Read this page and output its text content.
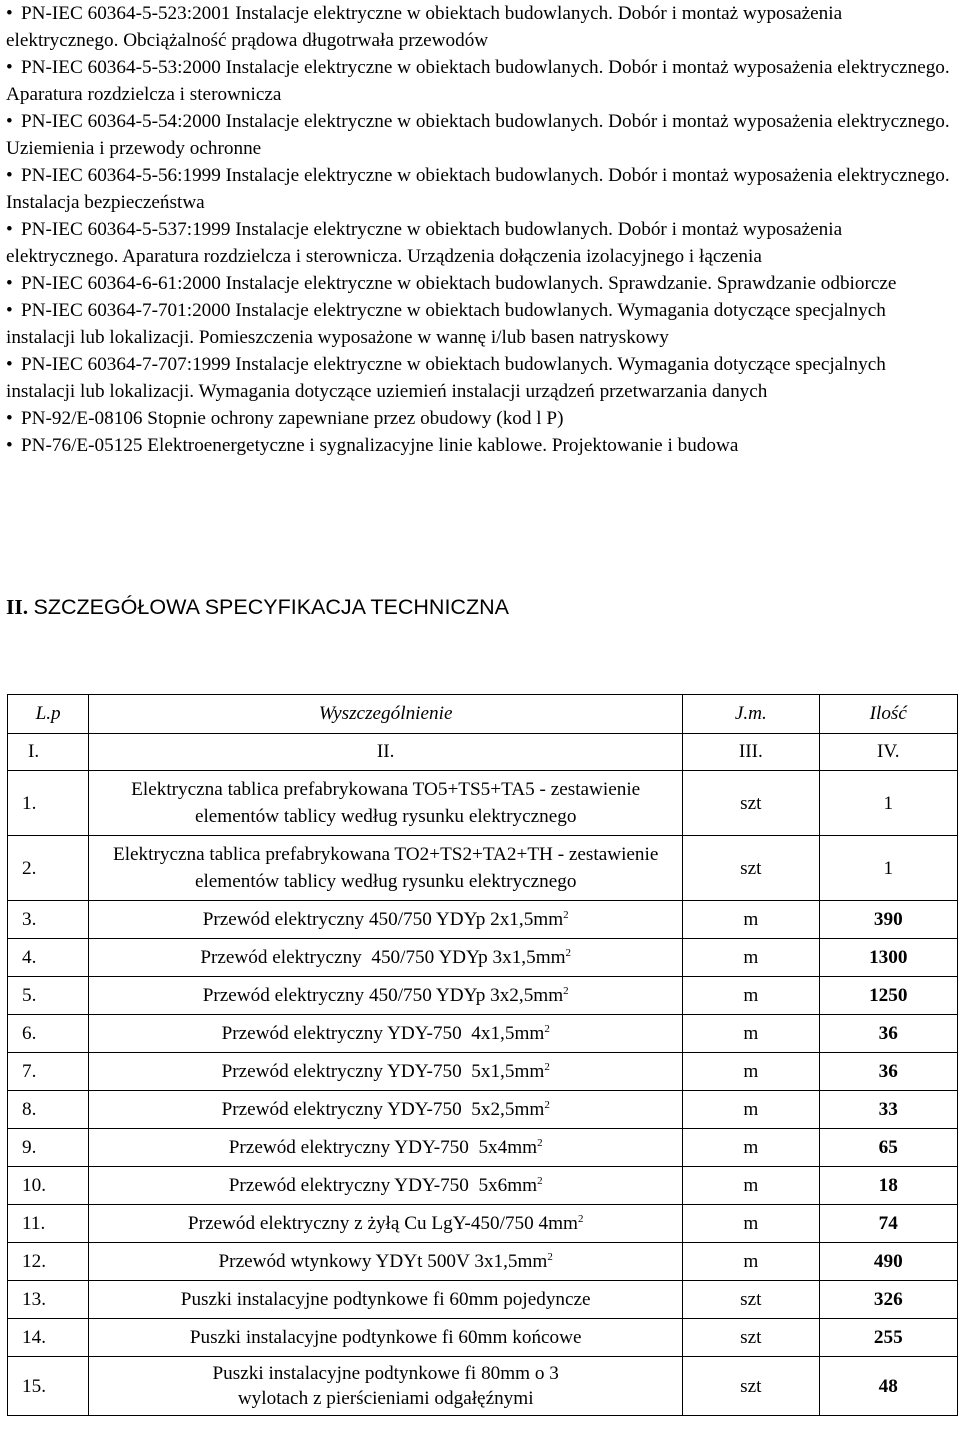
• PN-IEC 60364-5-523:2001 Instalacje elektryczne w obiektach budowlanych. Dobór i montaż wyposażenia elektrycznego. Obciążalność prądowa długotrwała przewodów
• PN-IEC 60364-5-53:2000 Instalacje elektryczne w obiektach budowlanych. Dobór i montaż wyposażenia elektrycznego. Aparatura rozdzielcza i sterownicza
• PN-IEC 60364-5-54:2000 Instalacje elektryczne w obiektach budowlanych. Dobór i montaż wyposażenia elektrycznego. Uziemienia i przewody ochronne
• PN-IEC 60364-5-56:1999 Instalacje elektryczne w obiektach budowlanych. Dobór i montaż wyposażenia elektrycznego. Instalacja bezpieczeństwa
• PN-IEC 60364-5-537:1999 Instalacje elektryczne w obiektach budowlanych. Dobór i montaż wyposażenia elektrycznego. Aparatura rozdzielcza i sterownicza. Urządzenia dołączenia izolacyjnego i łączenia
• PN-IEC 60364-6-61:2000 Instalacje elektryczne w obiektach budowlanych. Sprawdzanie. Sprawdzanie odbiorcze
• PN-IEC 60364-7-701:2000 Instalacje elektryczne w obiektach budowlanych. Wymagania dotyczące specjalnych instalacji lub lokalizacji. Pomieszczenia wyposażone w wannę i/lub basen natryskowy
• PN-IEC 60364-7-707:1999 Instalacje elektryczne w obiektach budowlanych. Wymagania dotyczące specjalnych instalacji lub lokalizacji. Wymagania dotyczące uziemień instalacji urządzeń przetwarzania danych
• PN-92/E-08106 Stopnie ochrony zapewniane przez obudowy (kod l P)
• PN-76/E-05125 Elektroenergetyczne i sygnalizacyjne linie kablowe. Projektowanie i budowa
II. SZCZEGÓŁOWA SPECYFIKACJA TECHNICZNA
L.p	Wyszczególnienie	J.m.	Ilość
I.	II.	III.	IV.
1.	Elektryczna tablica prefabrykowana TO5+TS5+TA5 - zestawienie elementów tablicy według rysunku elektrycznego	szt	1
2.	Elektryczna tablica prefabrykowana TO2+TS2+TA2+TH - zestawienie elementów tablicy według rysunku elektrycznego	szt	1
3.	Przewód elektryczny 450/750 YDYp $2x1,5mm^2$	m	390
4.	Przewód elektryczny  450/750 YDYp $3x1,5mm^2$	m	1300
5.	Przewód elektryczny 450/750 YDYp $3x2,5mm^2$	m	1250
6.	Przewód elektryczny YDY-750  $4x1,5mm^2$	m	36
7.	Przewód elektryczny YDY-750  $5x1,5mm^2$	m	36
8.	Przewód elektryczny YDY-750  $5x2,5mm^2$	m	33
9.	Przewód elektryczny YDY-750  $5x4mm^2$	m	65
10.	Przewód elektryczny YDY-750  $5x6mm^2$	m	18
11.	Przewód elektryczny z żyłą Cu LgY-450/750 $4mm^2$	m	74
12.	Przewód wtynkowy YDYt 500V $3x1,5mm^2$	m	490
13.	Puszki instalacyjne podtynkowe fi 60mm pojedyncze	szt	326
14.	Puszki instalacyjne podtynkowe fi 60mm końcowe	szt	255
15.	Puszki instalacyjne podtynkowe fi 80mm o 3 wylotach z pierścieniami odgałęźnymi	szt	48
